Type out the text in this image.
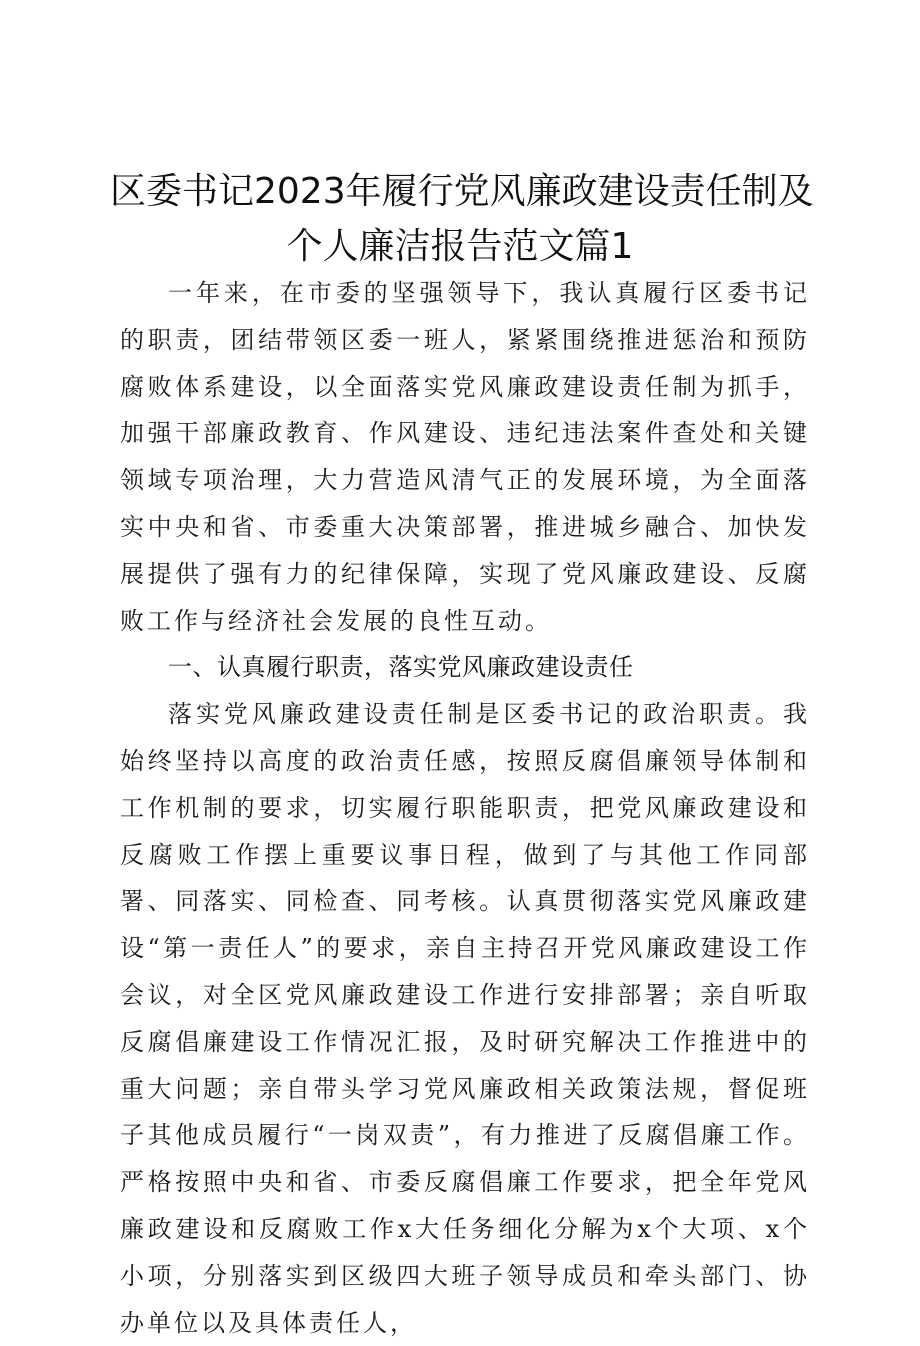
区委书记2023年履行党风廉政建设责任制及
个人廉洁报告范文篇1

一年来，在市委的坚强领导下，我认真履行区委书记的职责，团结带领区委一班人，紧紧围绕推进惩治和预防腐败体系建设，以全面落实党风廉政建设责任制为抓手，加强干部廉政教育、作风建设、违纪违法案件查处和关键领域专项治理，大力营造风清气正的发展环境，为全面落实中央和省、市委重大决策部署，推进城乡融合、加快发展提供了强有力的纪律保障，实现了党风廉政建设、反腐败工作与经济社会发展的良性互动。

一、认真履行职责，落实党风廉政建设责任

落实党风廉政建设责任制是区委书记的政治职责。我始终坚持以高度的政治责任感，按照反腐倡廉领导体制和工作机制的要求，切实履行职能职责，把党风廉政建设和反腐败工作摆上重要议事日程，做到了与其他工作同部署、同落实、同检查、同考核。认真贯彻落实党风廉政建设“第一责任人”的要求，亲自主持召开党风廉政建设工作会议，对全区党风廉政建设工作进行安排部署；亲自听取反腐倡廉建设工作情况汇报，及时研究解决工作推进中的重大问题；亲自带头学习党风廉政相关政策法规，督促班子其他成员履行“一岗双责”，有力推进了反腐倡廉工作。严格按照中央和省、市委反腐倡廉工作要求，把全年党风廉政建设和反腐败工作x大任务细化分解为x个大项、x个小项，分别落实到区级四大班子领导成员和牵头部门、协办单位以及具体责任人，
